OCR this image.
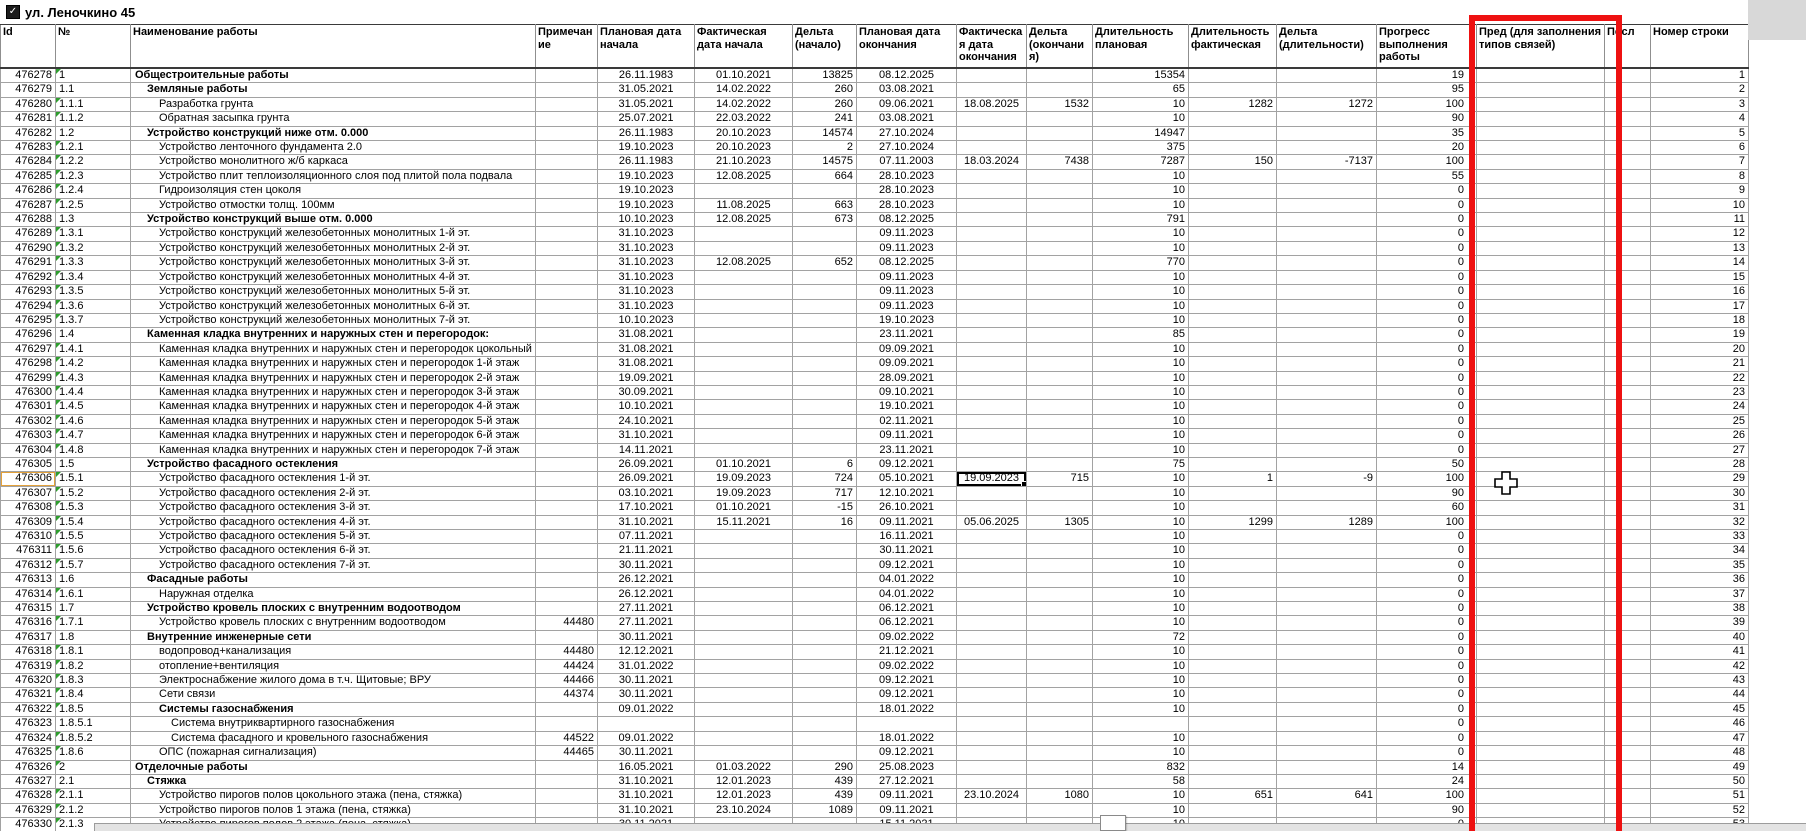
✓ ул. Леночкино 45
Id	№	Наименование работы	Примечание	Плановая дата начала	Фактическая дата начала	Дельта (начало)	Плановая дата окончания	Фактическая дата окончания	Дельта (окончания)	Длительность плановая	Длительность фактическая	Дельта (длительности)	Прогресс выполнения работы	Пред (для заполнения типов связей)	Посл	Номер строки
476278	1	Общестроительные работы		26.11.1983	01.10.2021	13825	08.12.2025			15354			19			1
476279	1.1	Земляные работы		31.05.2021	14.02.2022	260	03.08.2021			65			95			2
476280	1.1.1	Разработка грунта		31.05.2021	14.02.2022	260	09.06.2021	18.08.2025	1532	10	1282	1272	100			3
476281	1.1.2	Обратная засыпка грунта		25.07.2021	22.03.2022	241	03.08.2021			10			90			4
476282	1.2	Устройство конструкций ниже отм. 0.000		26.11.1983	20.10.2023	14574	27.10.2024			14947			35			5
476283	1.2.1	Устройство ленточного фундамента 2.0		19.10.2023	20.10.2023	2	27.10.2024			375			20			6
476284	1.2.2	Устройство монолитного ж/б каркаса		26.11.1983	21.10.2023	14575	07.11.2003	18.03.2024	7438	7287	150	-7137	100			7
476285	1.2.3	Устройство плит теплоизоляционного слоя под плитой пола подвала		19.10.2023	12.08.2025	664	28.10.2023			10			55			8
476286	1.2.4	Гидроизоляция стен цоколя		19.10.2023			28.10.2023			10			0			9
476287	1.2.5	Устройство отмостки толщ. 100мм		19.10.2023	11.08.2025	663	28.10.2023			10			0			10
476288	1.3	Устройство конструкций выше отм. 0.000		10.10.2023	12.08.2025	673	08.12.2025			791			0			11
476289	1.3.1	Устройство конструкций железобетонных монолитных 1-й эт.		31.10.2023			09.11.2023			10			0			12
476290	1.3.2	Устройство конструкций железобетонных монолитных 2-й эт.		31.10.2023			09.11.2023			10			0			13
476291	1.3.3	Устройство конструкций железобетонных монолитных 3-й эт.		31.10.2023	12.08.2025	652	08.12.2025			770			0			14
476292	1.3.4	Устройство конструкций железобетонных монолитных 4-й эт.		31.10.2023			09.11.2023			10			0			15
476293	1.3.5	Устройство конструкций железобетонных монолитных 5-й эт.		31.10.2023			09.11.2023			10			0			16
476294	1.3.6	Устройство конструкций железобетонных монолитных 6-й эт.		31.10.2023			09.11.2023			10			0			17
476295	1.3.7	Устройство конструкций железобетонных монолитных 7-й эт.		10.10.2023			19.10.2023			10			0			18
476296	1.4	Каменная кладка внутренних и наружных стен и перегородок:		31.08.2021			23.11.2021			85			0			19
476297	1.4.1	Каменная кладка внутренних и наружных стен и перегородок цокольный		31.08.2021			09.09.2021			10			0			20
476298	1.4.2	Каменная кладка внутренних и наружных стен и перегородок 1-й этаж		31.08.2021			09.09.2021			10			0			21
476299	1.4.3	Каменная кладка внутренних и наружных стен и перегородок 2-й этаж		19.09.2021			28.09.2021			10			0			22
476300	1.4.4	Каменная кладка внутренних и наружных стен и перегородок 3-й этаж		30.09.2021			09.10.2021			10			0			23
476301	1.4.5	Каменная кладка внутренних и наружных стен и перегородок 4-й этаж		10.10.2021			19.10.2021			10			0			24
476302	1.4.6	Каменная кладка внутренних и наружных стен и перегородок 5-й этаж		24.10.2021			02.11.2021			10			0			25
476303	1.4.7	Каменная кладка внутренних и наружных стен и перегородок 6-й этаж		31.10.2021			09.11.2021			10			0			26
476304	1.4.8	Каменная кладка внутренних и наружных стен и перегородок 7-й этаж		14.11.2021			23.11.2021			10			0			27
476305	1.5	Устройство фасадного остекления		26.09.2021	01.10.2021	6	09.12.2021			75			50			28
476306	1.5.1	Устройство фасадного остекления 1-й эт.		26.09.2021	19.09.2023	724	05.10.2021	19.09.2023	715	10	1	-9	100			29
476307	1.5.2	Устройство фасадного остекления 2-й эт.		03.10.2021	19.09.2023	717	12.10.2021			10			90			30
476308	1.5.3	Устройство фасадного остекления 3-й эт.		17.10.2021	01.10.2021	-15	26.10.2021			10			60			31
476309	1.5.4	Устройство фасадного остекления 4-й эт.		31.10.2021	15.11.2021	16	09.11.2021	05.06.2025	1305	10	1299	1289	100			32
476310	1.5.5	Устройство фасадного остекления 5-й эт.		07.11.2021			16.11.2021			10			0			33
476311	1.5.6	Устройство фасадного остекления 6-й эт.		21.11.2021			30.11.2021			10			0			34
476312	1.5.7	Устройство фасадного остекления 7-й эт.		30.11.2021			09.12.2021			10			0			35
476313	1.6	Фасадные работы		26.12.2021			04.01.2022			10			0			36
476314	1.6.1	Наружная отделка		26.12.2021			04.01.2022			10			0			37
476315	1.7	Устройство кровель плоских с внутренним водоотводом		27.11.2021			06.12.2021			10			0			38
476316	1.7.1	Устройство кровель плоских с внутренним водоотводом	44480	27.11.2021			06.12.2021			10			0			39
476317	1.8	Внутренние инженерные сети		30.11.2021			09.02.2022			72			0			40
476318	1.8.1	водопровод+канализация	44480	12.12.2021			21.12.2021			10			0			41
476319	1.8.2	отопление+вентиляция	44424	31.01.2022			09.02.2022			10			0			42
476320	1.8.3	Электроснабжение жилого дома в т.ч. Щитовые; ВРУ	44466	30.11.2021			09.12.2021			10			0			43
476321	1.8.4	Сети связи	44374	30.11.2021			09.12.2021			10			0			44
476322	1.8.5	Системы газоснабжения		09.01.2022			18.01.2022			10			0			45
476323	1.8.5.1	Система внутриквартирного газоснабжения											0			46
476324	1.8.5.2	Система фасадного и кровельного газоснабжения	44522	09.01.2022			18.01.2022			10			0			47
476325	1.8.6	ОПС (пожарная сигнализация)	44465	30.11.2021			09.12.2021			10			0			48
476326	2	Отделочные работы		16.05.2021	01.03.2022	290	25.08.2023			832			14			49
476327	2.1	Стяжка		31.10.2021	12.01.2023	439	27.12.2021			58			24			50
476328	2.1.1	Устройство пирогов полов цокольного этажа (пена, стяжка)		31.10.2021	12.01.2023	439	09.11.2021	23.10.2024	1080	10	651	641	100			51
476329	2.1.2	Устройство пирогов полов 1 этажа (пена, стяжка)		31.10.2021	23.10.2024	1089	09.11.2021			10			90			52
476330	2.1.3
